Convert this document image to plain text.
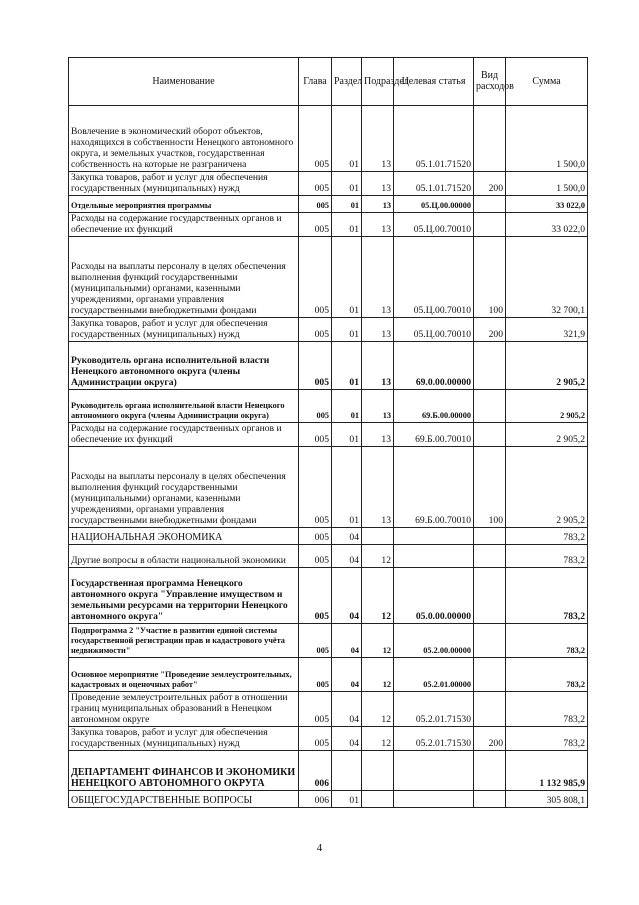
Наименование	Глава	Раздел	Подраздел	Целевая статья	Вид расходов	Сумма
Вовлечение в экономический оборот объектов, находящихся в собственности Ненецкого автономного округа, и земельных участков, государственная собственность на которые не разграничена	005	01	13	05.1.01.71520		1 500,0
Закупка товаров, работ и услуг для обеспечения государственных (муниципальных) нужд	005	01	13	05.1.01.71520	200	1 500,0
Отдельные мероприятия программы	005	01	13	05.Ц.00.00000		33 022,0
Расходы на содержание государственных органов и обеспечение их функций	005	01	13	05.Ц.00.70010		33 022,0
Расходы на выплаты персоналу в целях обеспечения выполнения функций государственными (муниципальными) органами, казенными учреждениями, органами управления государственными внебюджетными фондами	005	01	13	05.Ц.00.70010	100	32 700,1
Закупка товаров, работ и услуг для обеспечения государственных (муниципальных) нужд	005	01	13	05.Ц.00.70010	200	321,9
Руководитель органа исполнительной власти Ненецкого автономного округа (члены Администрации округа)	005	01	13	69.0.00.00000		2 905,2
Руководитель органа исполнительной власти Ненецкого автономного округа (члены Администрации округа)	005	01	13	69.Б.00.00000		2 905,2
Расходы на содержание государственных органов и обеспечение их функций	005	01	13	69.Б.00.70010		2 905,2
Расходы на выплаты персоналу в целях обеспечения выполнения функций государственными (муниципальными) органами, казенными учреждениями, органами управления государственными внебюджетными фондами	005	01	13	69.Б.00.70010	100	2 905,2
НАЦИОНАЛЬНАЯ ЭКОНОМИКА	005	04				783,2
Другие вопросы в области национальной экономики	005	04	12			783,2
Государственная программа Ненецкого автономного округа "Управление имуществом и земельными ресурсами на территории Ненецкого автономного округа"	005	04	12	05.0.00.00000		783,2
Подпрограмма 2 "Участие в развитии единой системы государственной регистрации прав и кадастрового учёта недвижимости"	005	04	12	05.2.00.00000		783,2
Основное мероприятие "Проведение землеустроительных, кадастровых и оценочных работ"	005	04	12	05.2.01.00000		783,2
Проведение землеустроительных работ в отношении границ муниципальных образований в Ненецком автономном округе	005	04	12	05.2.01.71530		783,2
Закупка товаров, работ и услуг для обеспечения государственных (муниципальных) нужд	005	04	12	05.2.01.71530	200	783,2
ДЕПАРТАМЕНТ ФИНАНСОВ И ЭКОНОМИКИ НЕНЕЦКОГО АВТОНОМНОГО ОКРУГА	006					1 132 985,9
ОБЩЕГОСУДАРСТВЕННЫЕ ВОПРОСЫ	006	01				305 808,1
4
